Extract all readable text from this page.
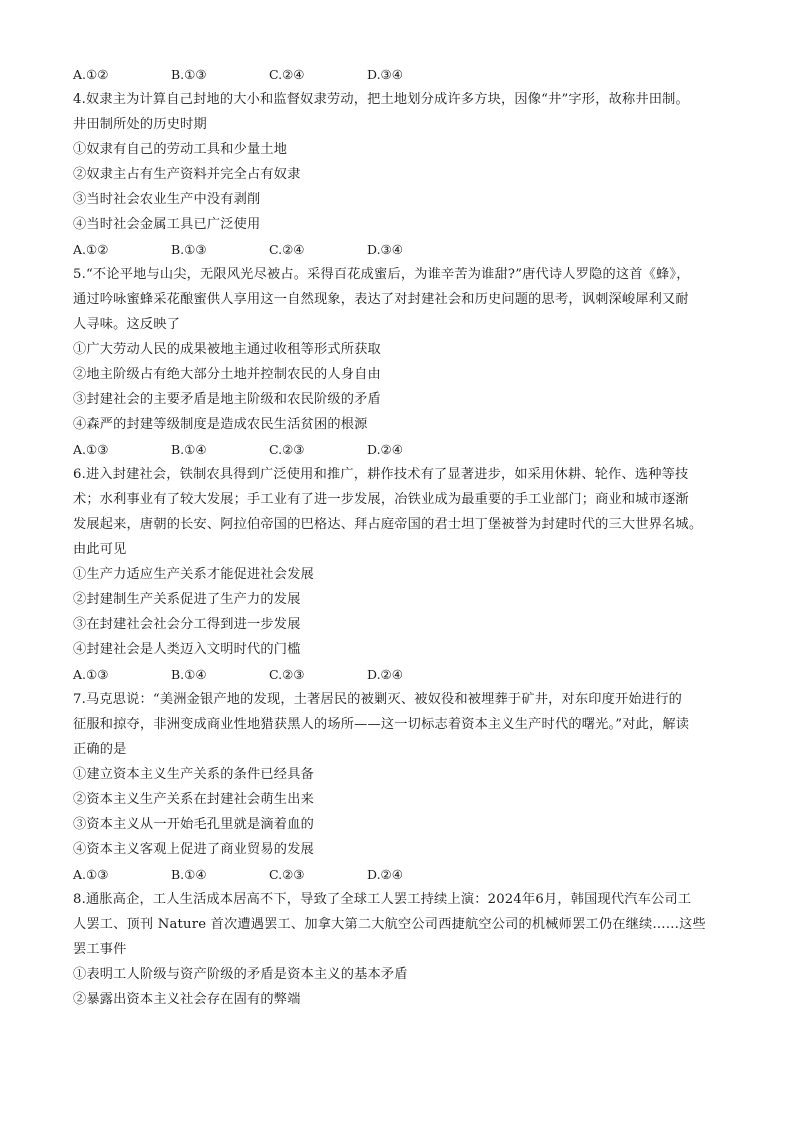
A.①②	B.①③	C.②④	D.③④
4.奴隶主为计算自己封地的大小和监督奴隶劳动，把土地划分成许多方块，因像“井”字形，故称井田制。
井田制所处的历史时期
①奴隶有自己的劳动工具和少量土地
②奴隶主占有生产资料并完全占有奴隶
③当时社会农业生产中没有剥削
④当时社会金属工具已广泛使用
A.①②	B.①③	C.②④	D.③④
5.“不论平地与山尖，无限风光尽被占。采得百花成蜜后，为谁辛苦为谁甜?”唐代诗人罗隐的这首《蜂》，
通过吟咏蜜蜂采花酿蜜供人享用这一自然现象，表达了对封建社会和历史问题的思考，讽刺深峻犀利又耐
人寻味。这反映了
①广大劳动人民的成果被地主通过收租等形式所获取
②地主阶级占有绝大部分土地并控制农民的人身自由
③封建社会的主要矛盾是地主阶级和农民阶级的矛盾
④森严的封建等级制度是造成农民生活贫困的根源
A.①③	B.①④	C.②③	D.②④
6.进入封建社会，铁制农具得到广泛使用和推广，耕作技术有了显著进步，如采用休耕、轮作、选种等技
术；水利事业有了较大发展；手工业有了进一步发展，冶铁业成为最重要的手工业部门；商业和城市逐渐
发展起来，唐朝的长安、阿拉伯帝国的巴格达、拜占庭帝国的君士坦丁堡被誉为封建时代的三大世界名城。
由此可见
①生产力适应生产关系才能促进社会发展
②封建制生产关系促进了生产力的发展
③在封建社会社会分工得到进一步发展
④封建社会是人类迈入文明时代的门槛
A.①③	B.①④	C.②③	D.②④
7.马克思说：“美洲金银产地的发现，土著居民的被剿灭、被奴役和被埋葬于矿井，对东印度开始进行的
征服和掠夺，非洲变成商业性地猎获黑人的场所——这一切标志着资本主义生产时代的曙光。”对此，解读
正确的是
①建立资本主义生产关系的条件已经具备
②资本主义生产关系在封建社会萌生出来
③资本主义从一开始毛孔里就是滴着血的
④资本主义客观上促进了商业贸易的发展
A.①③	B.①④	C.②③	D.②④
8.通胀高企，工人生活成本居高不下，导致了全球工人罢工持续上演：2024年6月，韩国现代汽车公司工
人罢工、顶刊 Nature 首次遭遇罢工、加拿大第二大航空公司西捷航空公司的机械师罢工仍在继续……这些
罢工事件
①表明工人阶级与资产阶级的矛盾是资本主义的基本矛盾
②暴露出资本主义社会存在固有的弊端
